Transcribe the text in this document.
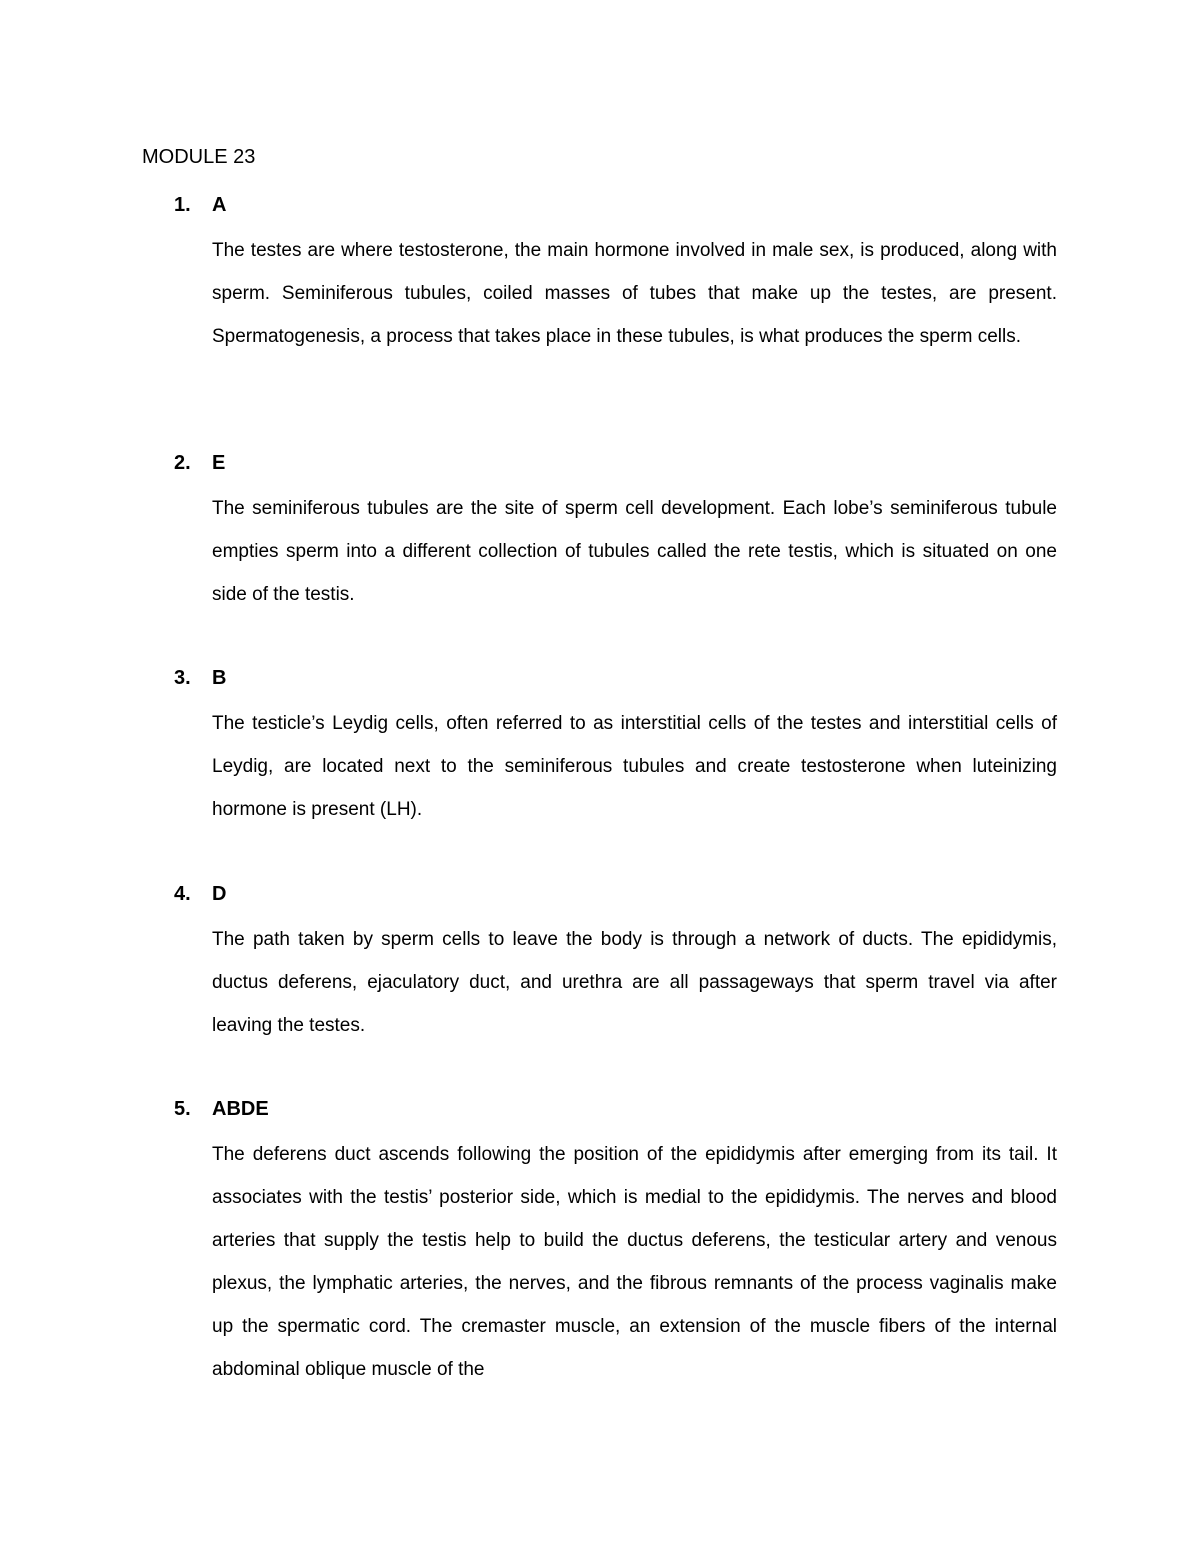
MODULE 23
1. A

The testes are where testosterone, the main hormone involved in male sex, is produced, along with sperm. Seminiferous tubules, coiled masses of tubes that make up the testes, are present. Spermatogenesis, a process that takes place in these tubules, is what produces the sperm cells.

2. E

The seminiferous tubules are the site of sperm cell development. Each lobe’s seminiferous tubule empties sperm into a different collection of tubules called the rete testis, which is situated on one side of the testis.

3. B

The testicle’s Leydig cells, often referred to as interstitial cells of the testes and interstitial cells of Leydig, are located next to the seminiferous tubules and create testosterone when luteinizing hormone is present (LH).

4. D

The path taken by sperm cells to leave the body is through a network of ducts. The epididymis, ductus deferens, ejaculatory duct, and urethra are all passageways that sperm travel via after leaving the testes.

5. ABDE

The deferens duct ascends following the position of the epididymis after emerging from its tail. It associates with the testis’ posterior side, which is medial to the epididymis. The nerves and blood arteries that supply the testis help to build the ductus deferens, the testicular artery and venous plexus, the lymphatic arteries, the nerves, and the fibrous remnants of the process vaginalis make up the spermatic cord. The cremaster muscle, an extension of the muscle fibers of the internal abdominal oblique muscle of the
